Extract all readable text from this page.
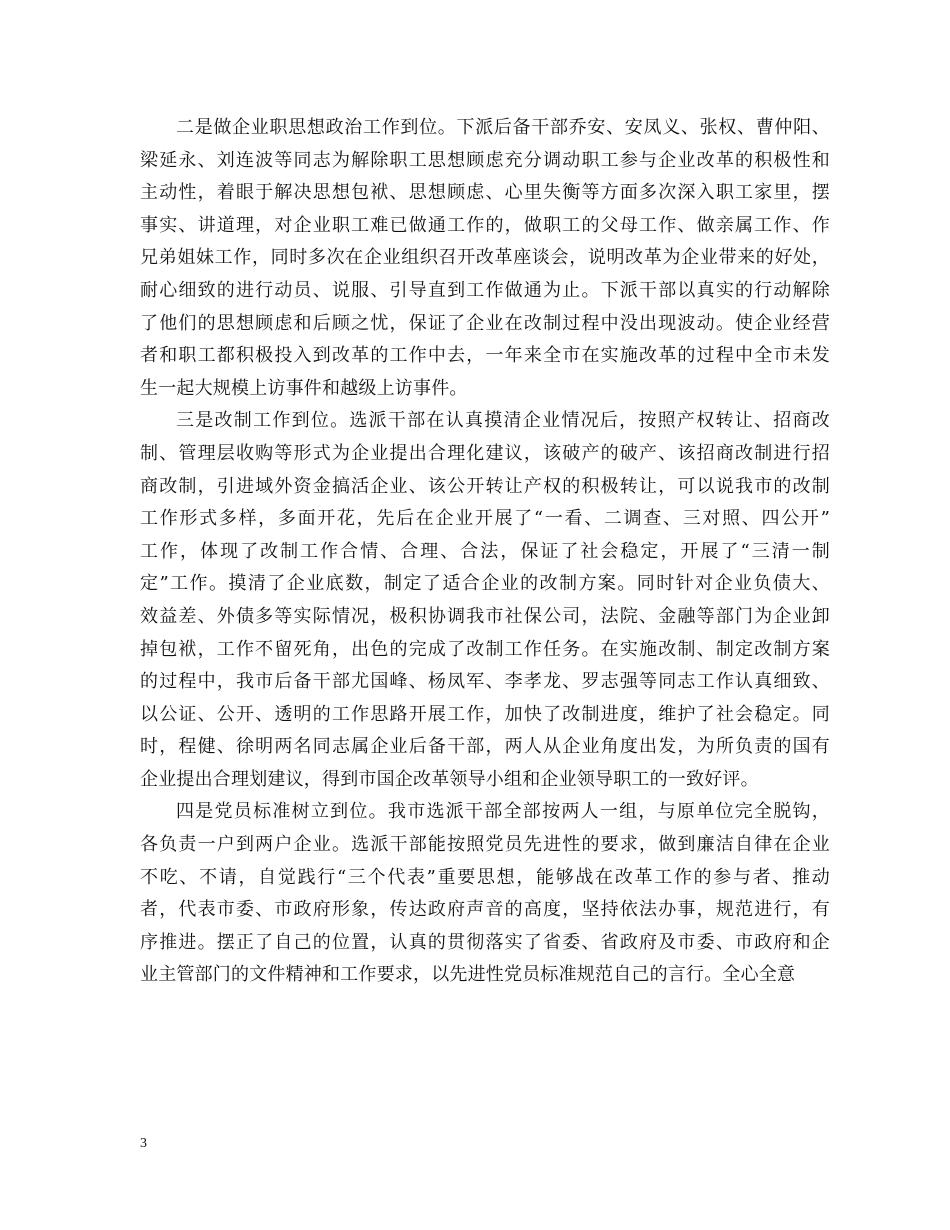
二是做企业职思想政治工作到位。下派后备干部乔安、安凤义、张权、曹仲阳、
梁延永、刘连波等同志为解除职工思想顾虑充分调动职工参与企业改革的积极性和
主动性，着眼于解决思想包袱、思想顾虑、心里失衡等方面多次深入职工家里，摆
事实、讲道理，对企业职工难已做通工作的，做职工的父母工作、做亲属工作、作
兄弟姐妹工作，同时多次在企业组织召开改革座谈会，说明改革为企业带来的好处，
耐心细致的进行动员、说服、引导直到工作做通为止。下派干部以真实的行动解除
了他们的思想顾虑和后顾之忧，保证了企业在改制过程中没出现波动。使企业经营
者和职工都积极投入到改革的工作中去，一年来全市在实施改革的过程中全市未发
生一起大规模上访事件和越级上访事件。
三是改制工作到位。选派干部在认真摸清企业情况后，按照产权转让、招商改
制、管理层收购等形式为企业提出合理化建议，该破产的破产、该招商改制进行招
商改制，引进域外资金搞活企业、该公开转让产权的积极转让，可以说我市的改制
工作形式多样，多面开花，先后在企业开展了“一看、二调查、三对照、四公开”
工作，体现了改制工作合情、合理、合法，保证了社会稳定，开展了“三清一制
定”工作。摸清了企业底数，制定了适合企业的改制方案。同时针对企业负债大、
效益差、外债多等实际情况，极积协调我市社保公司，法院、金融等部门为企业卸
掉包袱，工作不留死角，出色的完成了改制工作任务。在实施改制、制定改制方案
的过程中，我市后备干部尤国峰、杨凤军、李孝龙、罗志强等同志工作认真细致、
以公证、公开、透明的工作思路开展工作，加快了改制进度，维护了社会稳定。同
时，程健、徐明两名同志属企业后备干部，两人从企业角度出发，为所负责的国有
企业提出合理划建议，得到市国企改革领导小组和企业领导职工的一致好评。
四是党员标准树立到位。我市选派干部全部按两人一组，与原单位完全脱钩，
各负责一户到两户企业。选派干部能按照党员先进性的要求，做到廉洁自律在企业
不吃、不请，自觉践行“三个代表”重要思想，能够战在改革工作的参与者、推动
者，代表市委、市政府形象，传达政府声音的高度，坚持依法办事，规范进行，有
序推进。摆正了自己的位置，认真的贯彻落实了省委、省政府及市委、市政府和企
业主管部门的文件精神和工作要求，以先进性党员标准规范自己的言行。全心全意
3
